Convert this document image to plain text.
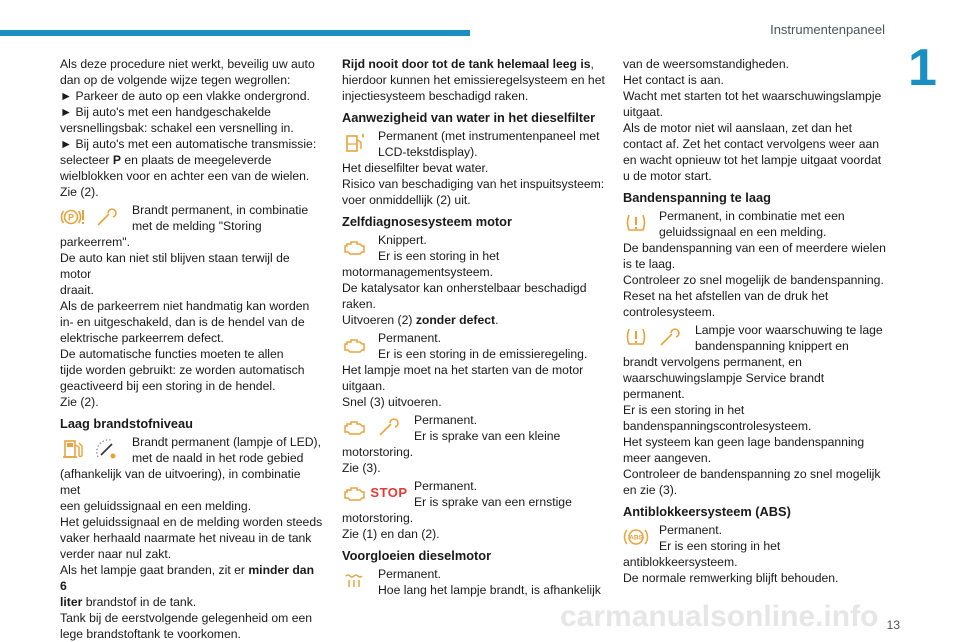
Instrumentenpaneel
1

Als deze procedure niet werkt, beveilig uw auto
dan op de volgende wijze tegen wegrollen:
► Parkeer de auto op een vlakke ondergrond.
► Bij auto's met een handgeschakelde
versnellingsbak: schakel een versnelling in.
► Bij auto's met een automatische transmissie:
selecteer P en plaats de meegeleverde
wielblokken voor en achter een van de wielen.
Zie (2).

P
Brandt permanent, in combinatie
met de melding "Storing

parkeerrem".
De auto kan niet stil blijven staan terwijl de motor
draait.
Als de parkeerrem niet handmatig kan worden
in- en uitgeschakeld, dan is de hendel van de
elektrische parkeerrem defect.
De automatische functies moeten te allen
tijde worden gebruikt: ze worden automatisch
geactiveerd bij een storing in de hendel.
Zie (2).

Laag brandstofniveau
Brandt permanent (lampje of LED),
met de naald in het rode gebied

(afhankelijk van de uitvoering), in combinatie met
een geluidssignaal en een melding.
Het geluidssignaal en de melding worden steeds
vaker herhaald naarmate het niveau in de tank
verder naar nul zakt.
Als het lampje gaat branden, zit er minder dan 6
liter brandstof in de tank.
Tank bij de eerstvolgende gelegenheid om een
lege brandstoftank te voorkomen.

Rijd nooit door tot de tank helemaal leeg is,
hierdoor kunnen het emissieregelsysteem en het
injectiesysteem beschadigd raken.

Aanwezigheid van water in het dieselfilter
Permanent (met instrumentenpaneel met
LCD-tekstdisplay).

Het dieselfilter bevat water.
Risico van beschadiging van het inspuitsysteem:
voer onmiddellijk (2) uit.

Zelfdiagnosesysteem motor
Knippert.
Er is een storing in het

motormanagementsysteem.
De katalysator kan onherstelbaar beschadigd
raken.
Uitvoeren (2) zonder defect.

Permanent.
Er is een storing in de emissieregeling.

Het lampje moet na het starten van de motor
uitgaan.
Snel (3) uitvoeren.

Permanent.
Er is sprake van een kleine

motorstoring.
Zie (3).

STOP Permanent.
Er is sprake van een ernstige

motorstoring.
Zie (1) en dan (2).

Voorgloeien dieselmotor
Permanent.
Hoe lang het lampje brandt, is afhankelijk

van de weersomstandigheden.
Het contact is aan.
Wacht met starten tot het waarschuwingslampje
uitgaat.
Als de motor niet wil aanslaan, zet dan het
contact af. Zet het contact vervolgens weer aan
en wacht opnieuw tot het lampje uitgaat voordat
u de motor start.

Bandenspanning te laag
Permanent, in combinatie met een
geluidssignaal en een melding.

De bandenspanning van een of meerdere wielen
is te laag.
Controleer zo snel mogelijk de bandenspanning.
Reset na het afstellen van de druk het
controlesysteem.

Lampje voor waarschuwing te lage
bandenspanning knippert en

brandt vervolgens permanent, en
waarschuwingslampje Service brandt
permanent.
Er is een storing in het
bandenspanningscontrolesysteem.
Het systeem kan geen lage bandenspanning
meer aangeven.
Controleer de bandenspanning zo snel mogelijk
en zie (3).

Antiblokkeersysteem (ABS)
ABS
Permanent.
Er is een storing in het

antiblokkeersysteem.
De normale remwerking blijft behouden.

carmanualsonline.info 13
